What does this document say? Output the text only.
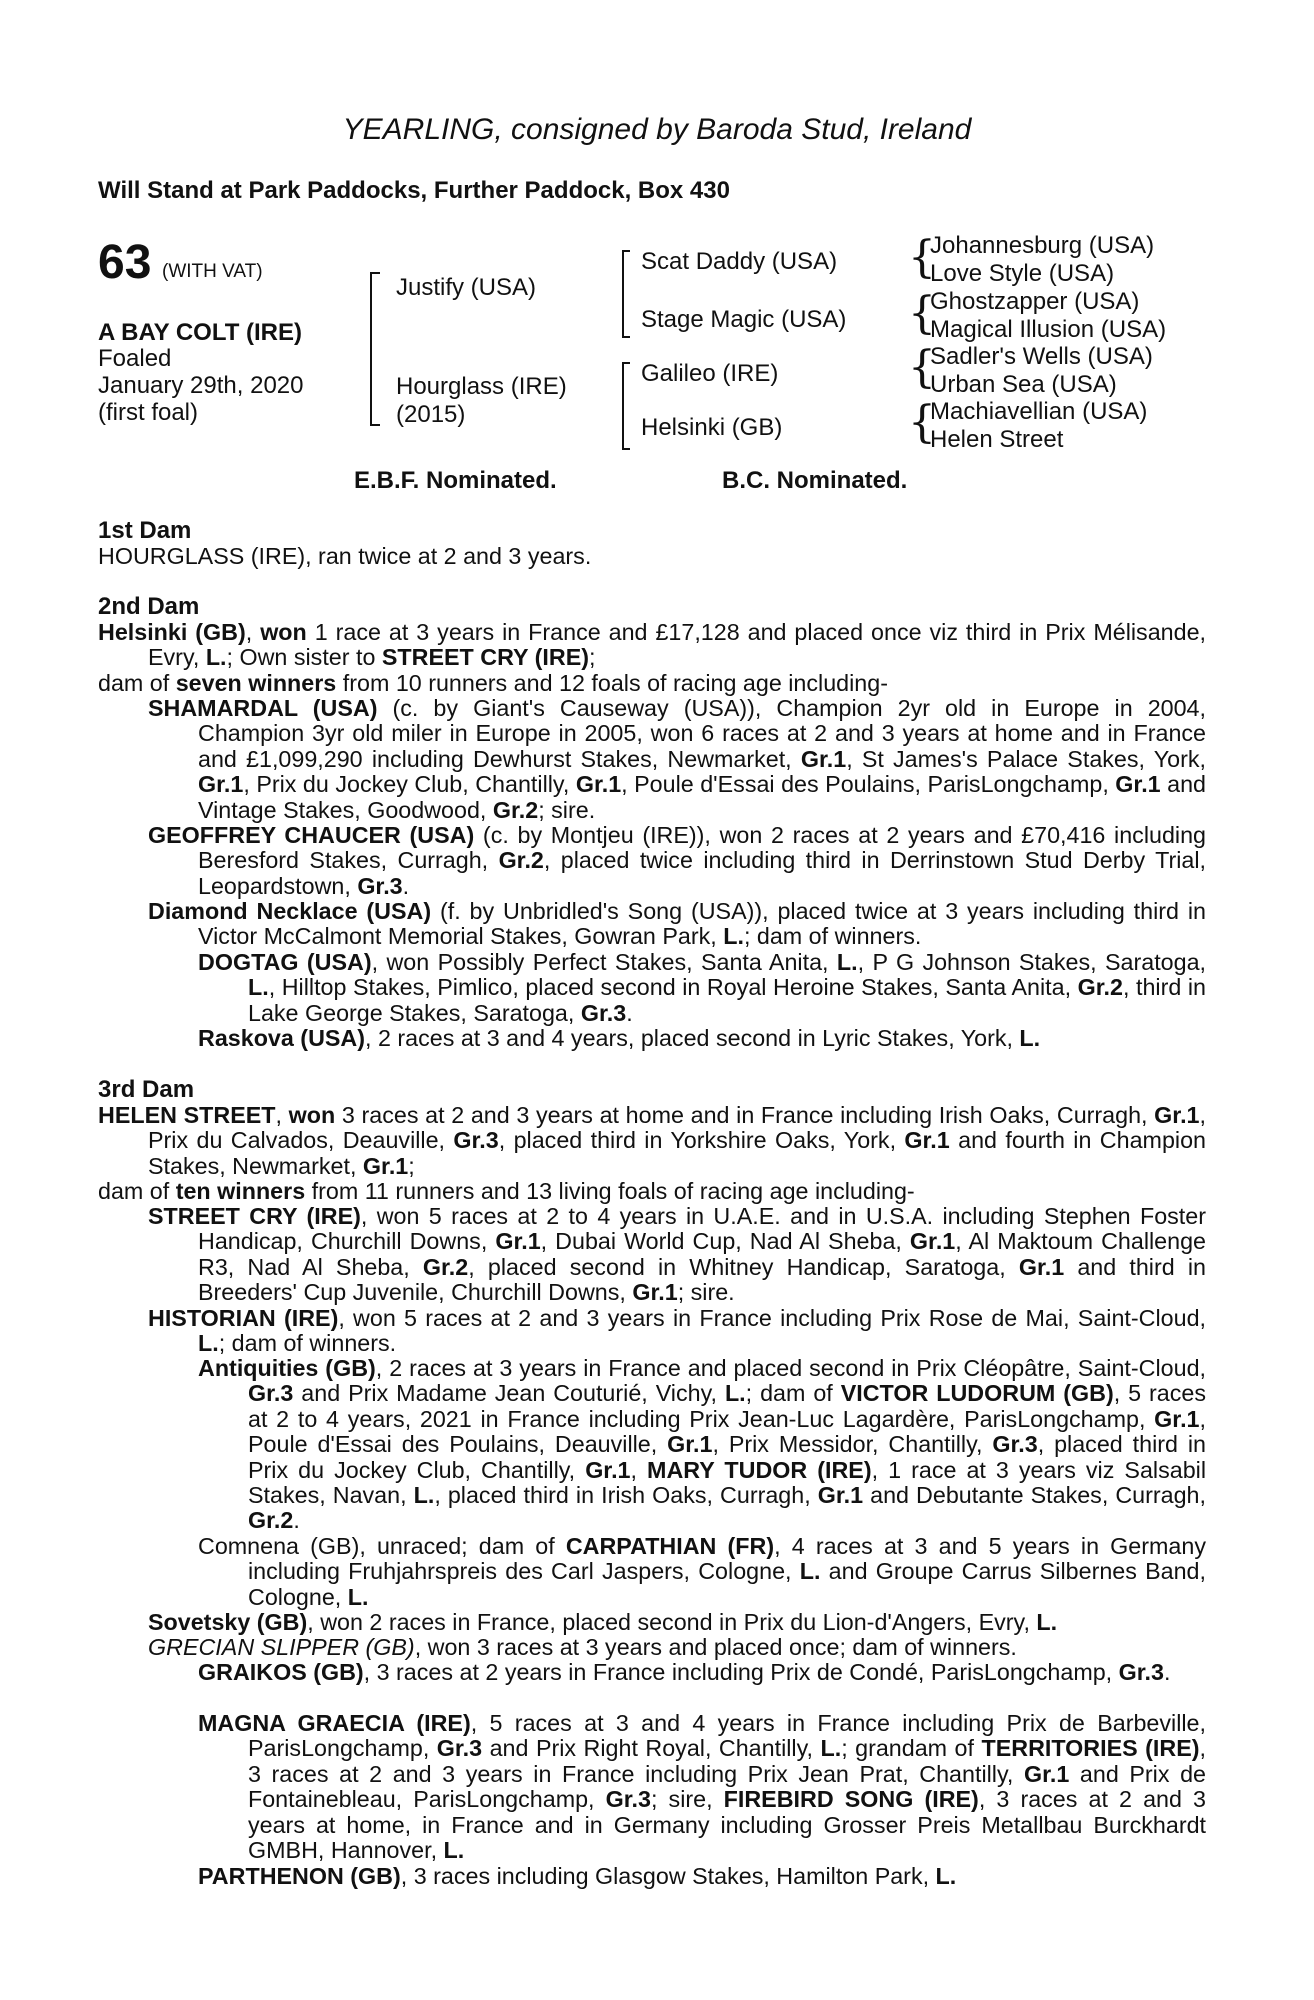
YEARLING, consigned by Baroda Stud, Ireland
Will Stand at Park Paddocks, Further Paddock, Box 430
63 (WITH VAT)
A BAY COLT (IRE)
Foaled
January 29th, 2020
(first foal)
Justify (USA)
Hourglass (IRE)
(2015)
Scat Daddy (USA)
Stage Magic (USA)
Galileo (IRE)
Helsinki (GB)
{
{
{
{
Johannesburg (USA)
Love Style (USA)
Ghostzapper (USA)
Magical Illusion (USA)
Sadler's Wells (USA)
Urban Sea (USA)
Machiavellian (USA)
Helen Street
E.B.F. Nominated.	B.C. Nominated.
1st Dam

HOURGLASS (IRE), ran twice at 2 and 3 years.

2nd Dam

Helsinki (GB), won 1 race at 3 years in France and £17,128 and placed once viz third in Prix Mélisande, Evry, L.; Own sister to STREET CRY (IRE);

dam of seven winners from 10 runners and 12 foals of racing age including-

SHAMARDAL (USA) (c. by Giant's Causeway (USA)), Champion 2yr old in Europe in 2004, Champion 3yr old miler in Europe in 2005, won 6 races at 2 and 3 years at home and in France and £1,099,290 including Dewhurst Stakes, Newmarket, Gr.1, St James's Palace Stakes, York, Gr.1, Prix du Jockey Club, Chantilly, Gr.1, Poule d'Essai des Poulains, ParisLongchamp, Gr.1 and Vintage Stakes, Goodwood, Gr.2; sire.

GEOFFREY CHAUCER (USA) (c. by Montjeu (IRE)), won 2 races at 2 years and £70,416 including Beresford Stakes, Curragh, Gr.2, placed twice including third in Derrinstown Stud Derby Trial, Leopardstown, Gr.3.

Diamond Necklace (USA) (f. by Unbridled's Song (USA)), placed twice at 3 years including third in Victor McCalmont Memorial Stakes, Gowran Park, L.; dam of winners.

DOGTAG (USA), won Possibly Perfect Stakes, Santa Anita, L., P G Johnson Stakes, Saratoga, L., Hilltop Stakes, Pimlico, placed second in Royal Heroine Stakes, Santa Anita, Gr.2, third in Lake George Stakes, Saratoga, Gr.3.

Raskova (USA), 2 races at 3 and 4 years, placed second in Lyric Stakes, York, L.

3rd Dam

HELEN STREET, won 3 races at 2 and 3 years at home and in France including Irish Oaks, Curragh, Gr.1, Prix du Calvados, Deauville, Gr.3, placed third in Yorkshire Oaks, York, Gr.1 and fourth in Champion Stakes, Newmarket, Gr.1;

dam of ten winners from 11 runners and 13 living foals of racing age including-

STREET CRY (IRE), won 5 races at 2 to 4 years in U.A.E. and in U.S.A. including Stephen Foster Handicap, Churchill Downs, Gr.1, Dubai World Cup, Nad Al Sheba, Gr.1, Al Maktoum Challenge R3, Nad Al Sheba, Gr.2, placed second in Whitney Handicap, Saratoga, Gr.1 and third in Breeders' Cup Juvenile, Churchill Downs, Gr.1; sire.

HISTORIAN (IRE), won 5 races at 2 and 3 years in France including Prix Rose de Mai, Saint-Cloud, L.; dam of winners.

Antiquities (GB), 2 races at 3 years in France and placed second in Prix Cléopâtre, Saint-Cloud, Gr.3 and Prix Madame Jean Couturié, Vichy, L.; dam of VICTOR LUDORUM (GB), 5 races at 2 to 4 years, 2021 in France including Prix Jean-Luc Lagardère, ParisLongchamp, Gr.1, Poule d'Essai des Poulains, Deauville, Gr.1, Prix Messidor, Chantilly, Gr.3, placed third in Prix du Jockey Club, Chantilly, Gr.1, MARY TUDOR (IRE), 1 race at 3 years viz Salsabil Stakes, Navan, L., placed third in Irish Oaks, Curragh, Gr.1 and Debutante Stakes, Curragh, Gr.2.

Comnena (GB), unraced; dam of CARPATHIAN (FR), 4 races at 3 and 5 years in Germany including Fruhjahrspreis des Carl Jaspers, Cologne, L. and Groupe Carrus Silbernes Band, Cologne, L.

Sovetsky (GB), won 2 races in France, placed second in Prix du Lion-d'Angers, Evry, L.

GRECIAN SLIPPER (GB), won 3 races at 3 years and placed once; dam of winners.

GRAIKOS (GB), 3 races at 2 years in France including Prix de Condé, ParisLongchamp, Gr.3.

MAGNA GRAECIA (IRE), 5 races at 3 and 4 years in France including Prix de Barbeville, ParisLongchamp, Gr.3 and Prix Right Royal, Chantilly, L.; grandam of TERRITORIES (IRE), 3 races at 2 and 3 years in France including Prix Jean Prat, Chantilly, Gr.1 and Prix de Fontainebleau, ParisLongchamp, Gr.3; sire, FIREBIRD SONG (IRE), 3 races at 2 and 3 years at home, in France and in Germany including Grosser Preis Metallbau Burckhardt GMBH, Hannover, L.

PARTHENON (GB), 3 races including Glasgow Stakes, Hamilton Park, L.
